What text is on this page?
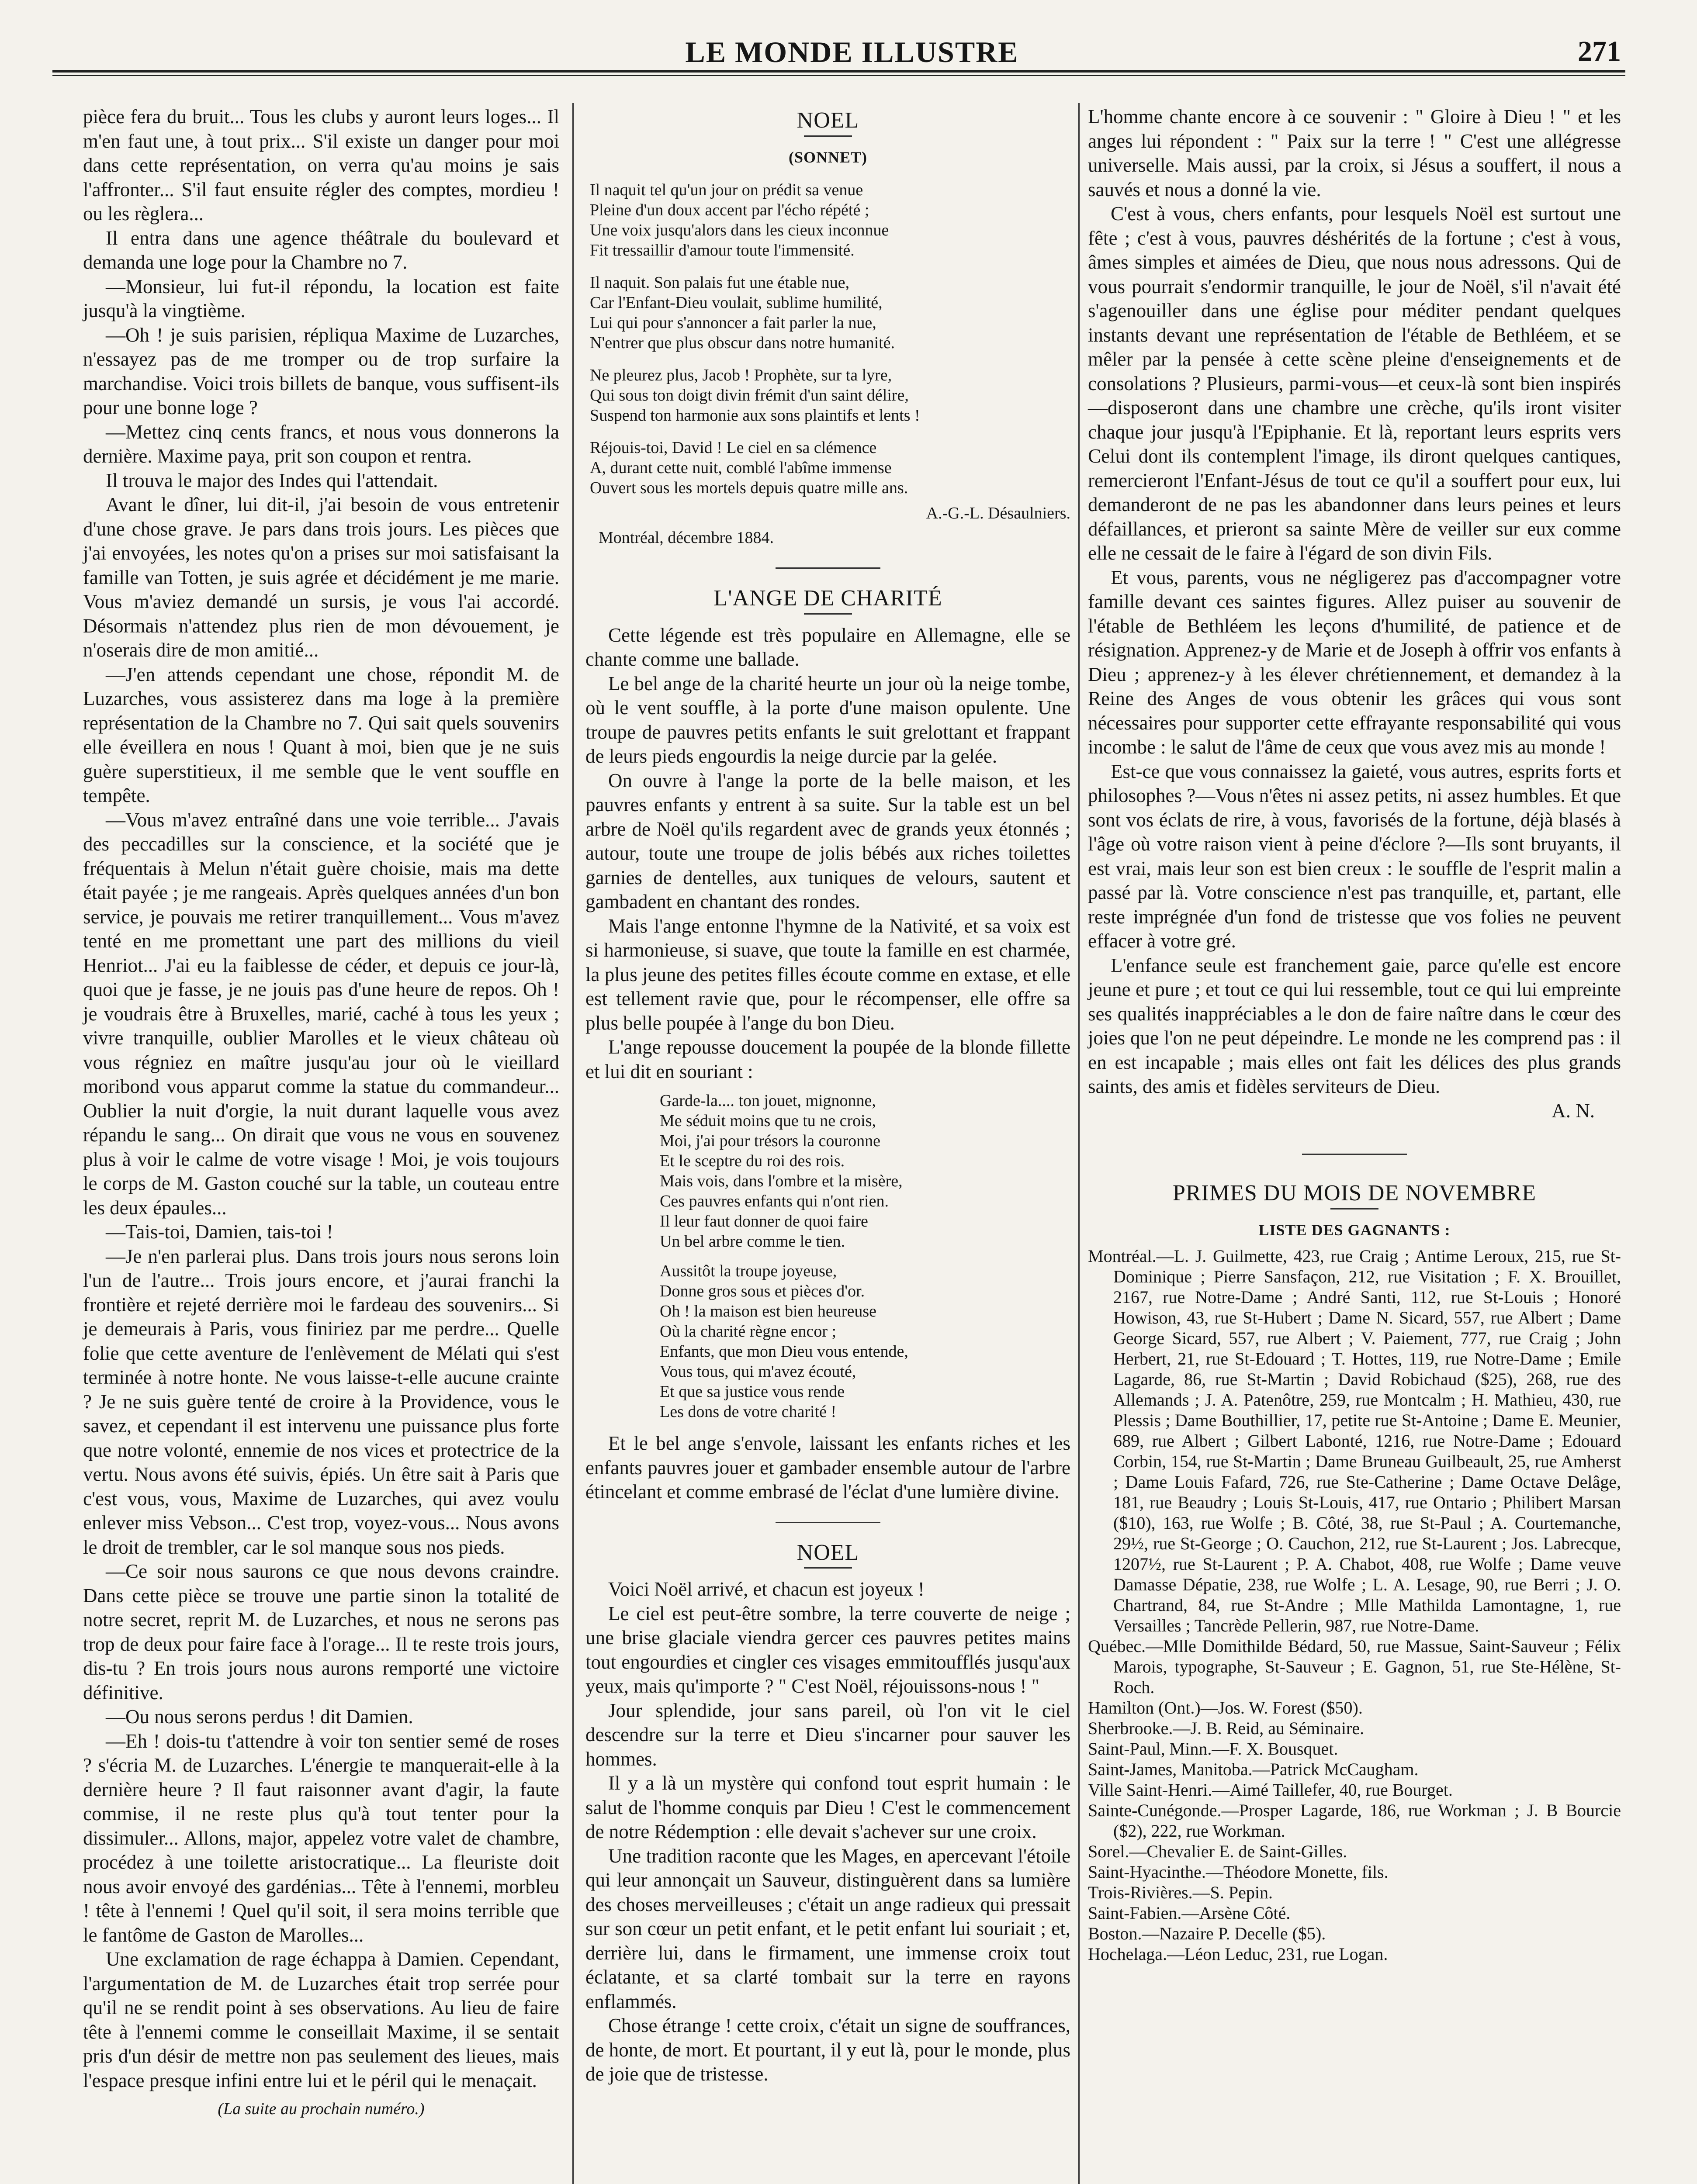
LE MONDE ILLUSTRE	271

pièce fera du bruit... Tous les clubs y auront leurs loges... Il m'en faut une, à tout prix... S'il existe un danger pour moi dans cette représentation, on verra qu'au moins je sais l'affronter... S'il faut ensuite régler des comptes, mordieu ! ou les règlera...

Il entra dans une agence théâtrale du boulevard et demanda une loge pour la Chambre no 7.

—Monsieur, lui fut-il répondu, la location est faite jusqu'à la vingtième.

—Oh ! je suis parisien, répliqua Maxime de Luzarches, n'essayez pas de me tromper ou de trop surfaire la marchandise. Voici trois billets de banque, vous suffisent-ils pour une bonne loge ?

—Mettez cinq cents francs, et nous vous donnerons la dernière. Maxime paya, prit son coupon et rentra.

Il trouva le major des Indes qui l'attendait.

Avant le dîner, lui dit-il, j'ai besoin de vous entretenir d'une chose grave. Je pars dans trois jours. Les pièces que j'ai envoyées, les notes qu'on a prises sur moi satisfaisant la famille van Totten, je suis agrée et décidément je me marie. Vous m'aviez demandé un sursis, je vous l'ai accordé. Désormais n'attendez plus rien de mon dévouement, je n'oserais dire de mon amitié...

—J'en attends cependant une chose, répondit M. de Luzarches, vous assisterez dans ma loge à la première représentation de la Chambre no 7. Qui sait quels souvenirs elle éveillera en nous ! Quant à moi, bien que je ne suis guère superstitieux, il me semble que le vent souffle en tempête.

—Vous m'avez entraîné dans une voie terrible... J'avais des peccadilles sur la conscience, et la société que je fréquentais à Melun n'était guère choisie, mais ma dette était payée ; je me rangeais. Après quelques années d'un bon service, je pouvais me retirer tranquillement... Vous m'avez tenté en me promettant une part des millions du vieil Henriot... J'ai eu la faiblesse de céder, et depuis ce jour-là, quoi que je fasse, je ne jouis pas d'une heure de repos. Oh ! je voudrais être à Bruxelles, marié, caché à tous les yeux ; vivre tranquille, oublier Marolles et le vieux château où vous régniez en maître jusqu'au jour où le vieillard moribond vous apparut comme la statue du commandeur... Oublier la nuit d'orgie, la nuit durant laquelle vous avez répandu le sang... On dirait que vous ne vous en souvenez plus à voir le calme de votre visage ! Moi, je vois toujours le corps de M. Gaston couché sur la table, un couteau entre les deux épaules...

—Tais-toi, Damien, tais-toi !

—Je n'en parlerai plus. Dans trois jours nous serons loin l'un de l'autre... Trois jours encore, et j'aurai franchi la frontière et rejeté derrière moi le fardeau des souvenirs... Si je demeurais à Paris, vous finiriez par me perdre... Quelle folie que cette aventure de l'enlèvement de Mélati qui s'est terminée à notre honte. Ne vous laisse-t-elle aucune crainte ? Je ne suis guère tenté de croire à la Providence, vous le savez, et cependant il est intervenu une puissance plus forte que notre volonté, ennemie de nos vices et protectrice de la vertu. Nous avons été suivis, épiés. Un être sait à Paris que c'est vous, vous, Maxime de Luzarches, qui avez voulu enlever miss Vebson... C'est trop, voyez-vous... Nous avons le droit de trembler, car le sol manque sous nos pieds.

—Ce soir nous saurons ce que nous devons craindre. Dans cette pièce se trouve une partie sinon la totalité de notre secret, reprit M. de Luzarches, et nous ne serons pas trop de deux pour faire face à l'orage... Il te reste trois jours, dis-tu ? En trois jours nous aurons remporté une victoire définitive.

—Ou nous serons perdus ! dit Damien.

—Eh ! dois-tu t'attendre à voir ton sentier semé de roses ? s'écria M. de Luzarches. L'énergie te manquerait-elle à la dernière heure ? Il faut raisonner avant d'agir, la faute commise, il ne reste plus qu'à tout tenter pour la dissimuler... Allons, major, appelez votre valet de chambre, procédez à une toilette aristocratique... La fleuriste doit nous avoir envoyé des gardénias... Tête à l'ennemi, morbleu ! tête à l'ennemi ! Quel qu'il soit, il sera moins terrible que le fantôme de Gaston de Marolles...

Une exclamation de rage échappa à Damien. Cependant, l'argumentation de M. de Luzarches était trop serrée pour qu'il ne se rendit point à ses observations. Au lieu de faire tête à l'ennemi comme le conseillait Maxime, il se sentait pris d'un désir de mettre non pas seulement des lieues, mais l'espace presque infini entre lui et le péril qui le menaçait.

(La suite au prochain numéro.)
NOEL
(SONNET)
Il naquit tel qu'un jour on prédit sa venue
Pleine d'un doux accent par l'écho répété ;
Une voix jusqu'alors dans les cieux inconnue
Fit tressaillir d'amour toute l'immensité.
Il naquit. Son palais fut une étable nue,
Car l'Enfant-Dieu voulait, sublime humilité,
Lui qui pour s'annoncer a fait parler la nue,
N'entrer que plus obscur dans notre humanité.
Ne pleurez plus, Jacob ! Prophète, sur ta lyre,
Qui sous ton doigt divin frémit d'un saint délire,
Suspend ton harmonie aux sons plaintifs et lents !
Réjouis-toi, David ! Le ciel en sa clémence
A, durant cette nuit, comblé l'abîme immense
Ouvert sous les mortels depuis quatre mille ans.
A.-G.-L. Désaulniers.
Montréal, décembre 1884.
L'ANGE DE CHARITÉ

Cette légende est très populaire en Allemagne, elle se chante comme une ballade.

Le bel ange de la charité heurte un jour où la neige tombe, où le vent souffle, à la porte d'une maison opulente. Une troupe de pauvres petits enfants le suit grelottant et frappant de leurs pieds engourdis la neige durcie par la gelée.

On ouvre à l'ange la porte de la belle maison, et les pauvres enfants y entrent à sa suite. Sur la table est un bel arbre de Noël qu'ils regardent avec de grands yeux étonnés ; autour, toute une troupe de jolis bébés aux riches toilettes garnies de dentelles, aux tuniques de velours, sautent et gambadent en chantant des rondes.

Mais l'ange entonne l'hymne de la Nativité, et sa voix est si harmonieuse, si suave, que toute la famille en est charmée, la plus jeune des petites filles écoute comme en extase, et elle est tellement ravie que, pour le récompenser, elle offre sa plus belle poupée à l'ange du bon Dieu.

L'ange repousse doucement la poupée de la blonde fillette et lui dit en souriant :

Garde-la.... ton jouet, mignonne,
Me séduit moins que tu ne crois,
Moi, j'ai pour trésors la couronne
Et le sceptre du roi des rois.
Mais vois, dans l'ombre et la misère,
Ces pauvres enfants qui n'ont rien.
Il leur faut donner de quoi faire
Un bel arbre comme le tien.
Aussitôt la troupe joyeuse,
Donne gros sous et pièces d'or.
Oh ! la maison est bien heureuse
Où la charité règne encor ;
Enfants, que mon Dieu vous entende,
Vous tous, qui m'avez écouté,
Et que sa justice vous rende
Les dons de votre charité !

Et le bel ange s'envole, laissant les enfants riches et les enfants pauvres jouer et gambader ensemble autour de l'arbre étincelant et comme embrasé de l'éclat d'une lumière divine.

NOEL

Voici Noël arrivé, et chacun est joyeux !

Le ciel est peut-être sombre, la terre couverte de neige ; une brise glaciale viendra gercer ces pauvres petites mains tout engourdies et cingler ces visages emmitoufflés jusqu'aux yeux, mais qu'importe ? " C'est Noël, réjouissons-nous ! "

Jour splendide, jour sans pareil, où l'on vit le ciel descendre sur la terre et Dieu s'incarner pour sauver les hommes.

Il y a là un mystère qui confond tout esprit humain : le salut de l'homme conquis par Dieu ! C'est le commencement de notre Rédemption : elle devait s'achever sur une croix.

Une tradition raconte que les Mages, en apercevant l'étoile qui leur annonçait un Sauveur, distinguèrent dans sa lumière des choses merveilleuses ; c'était un ange radieux qui pressait sur son cœur un petit enfant, et le petit enfant lui souriait ; et, derrière lui, dans le firmament, une immense croix tout éclatante, et sa clarté tombait sur la terre en rayons enflammés.

Chose étrange ! cette croix, c'était un signe de souffrances, de honte, de mort. Et pourtant, il y eut là, pour le monde, plus de joie que de tristesse.

L'homme chante encore à ce souvenir : " Gloire à Dieu ! " et les anges lui répondent : " Paix sur la terre ! " C'est une allégresse universelle. Mais aussi, par la croix, si Jésus a souffert, il nous a sauvés et nous a donné la vie.

C'est à vous, chers enfants, pour lesquels Noël est surtout une fête ; c'est à vous, pauvres déshérités de la fortune ; c'est à vous, âmes simples et aimées de Dieu, que nous nous adressons. Qui de vous pourrait s'endormir tranquille, le jour de Noël, s'il n'avait été s'agenouiller dans une église pour méditer pendant quelques instants devant une représentation de l'étable de Bethléem, et se mêler par la pensée à cette scène pleine d'enseignements et de consolations ? Plusieurs, parmi-vous—et ceux-là sont bien inspirés—disposeront dans une chambre une crèche, qu'ils iront visiter chaque jour jusqu'à l'Epiphanie. Et là, reportant leurs esprits vers Celui dont ils contemplent l'image, ils diront quelques cantiques, remercieront l'Enfant-Jésus de tout ce qu'il a souffert pour eux, lui demanderont de ne pas les abandonner dans leurs peines et leurs défaillances, et prieront sa sainte Mère de veiller sur eux comme elle ne cessait de le faire à l'égard de son divin Fils.

Et vous, parents, vous ne négligerez pas d'accompagner votre famille devant ces saintes figures. Allez puiser au souvenir de l'étable de Bethléem les leçons d'humilité, de patience et de résignation. Apprenez-y de Marie et de Joseph à offrir vos enfants à Dieu ; apprenez-y à les élever chrétiennement, et demandez à la Reine des Anges de vous obtenir les grâces qui vous sont nécessaires pour supporter cette effrayante responsabilité qui vous incombe : le salut de l'âme de ceux que vous avez mis au monde !

Est-ce que vous connaissez la gaieté, vous autres, esprits forts et philosophes ?—Vous n'êtes ni assez petits, ni assez humbles. Et que sont vos éclats de rire, à vous, favorisés de la fortune, déjà blasés à l'âge où votre raison vient à peine d'éclore ?—Ils sont bruyants, il est vrai, mais leur son est bien creux : le souffle de l'esprit malin a passé par là. Votre conscience n'est pas tranquille, et, partant, elle reste imprégnée d'un fond de tristesse que vos folies ne peuvent effacer à votre gré.

L'enfance seule est franchement gaie, parce qu'elle est encore jeune et pure ; et tout ce qui lui ressemble, tout ce qui lui empreinte ses qualités inappréciables a le don de faire naître dans le cœur des joies que l'on ne peut dépeindre. Le monde ne les comprend pas : il en est incapable ; mais elles ont fait les délices des plus grands saints, des amis et fidèles serviteurs de Dieu.

A. N.
PRIMES DU MOIS DE NOVEMBRE
LISTE DES GAGNANTS :
Montréal.—L. J. Guilmette, 423, rue Craig ; Antime Leroux, 215, rue St-Dominique ; Pierre Sansfaçon, 212, rue Visitation ; F. X. Brouillet, 2167, rue Notre-Dame ; André Santi, 112, rue St-Louis ; Honoré Howison, 43, rue St-Hubert ; Dame N. Sicard, 557, rue Albert ; Dame George Sicard, 557, rue Albert ; V. Paiement, 777, rue Craig ; John Herbert, 21, rue St-Edouard ; T. Hottes, 119, rue Notre-Dame ; Emile Lagarde, 86, rue St-Martin ; David Robichaud ($25), 268, rue des Allemands ; J. A. Patenôtre, 259, rue Montcalm ; H. Mathieu, 430, rue Plessis ; Dame Bouthillier, 17, petite rue St-Antoine ; Dame E. Meunier, 689, rue Albert ; Gilbert Labonté, 1216, rue Notre-Dame ; Edouard Corbin, 154, rue St-Martin ; Dame Bruneau Guilbeault, 25, rue Amherst ; Dame Louis Fafard, 726, rue Ste-Catherine ; Dame Octave Delâge, 181, rue Beaudry ; Louis St-Louis, 417, rue Ontario ; Philibert Marsan ($10), 163, rue Wolfe ; B. Côté, 38, rue St-Paul ; A. Courtemanche, 29½, rue St-George ; O. Cauchon, 212, rue St-Laurent ; Jos. Labrecque, 1207½, rue St-Laurent ; P. A. Chabot, 408, rue Wolfe ; Dame veuve Damasse Dépatie, 238, rue Wolfe ; L. A. Lesage, 90, rue Berri ; J. O. Chartrand, 84, rue St-Andre ; Mlle Mathilda Lamontagne, 1, rue Versailles ; Tancrède Pellerin, 987, rue Notre-Dame.
Québec.—Mlle Domithilde Bédard, 50, rue Massue, Saint-Sauveur ; Félix Marois, typographe, St-Sauveur ; E. Gagnon, 51, rue Ste-Hélène, St-Roch.
Hamilton (Ont.)—Jos. W. Forest ($50).
Sherbrooke.—J. B. Reid, au Séminaire.
Saint-Paul, Minn.—F. X. Bousquet.
Saint-James, Manitoba.—Patrick McCaugham.
Ville Saint-Henri.—Aimé Taillefer, 40, rue Bourget.
Sainte-Cunégonde.—Prosper Lagarde, 186, rue Workman ; J. B Bourcie ($2), 222, rue Workman.
Sorel.—Chevalier E. de Saint-Gilles.
Saint-Hyacinthe.—Théodore Monette, fils.
Trois-Rivières.—S. Pepin.
Saint-Fabien.—Arsène Côté.
Boston.—Nazaire P. Decelle ($5).
Hochelaga.—Léon Leduc, 231, rue Logan.
